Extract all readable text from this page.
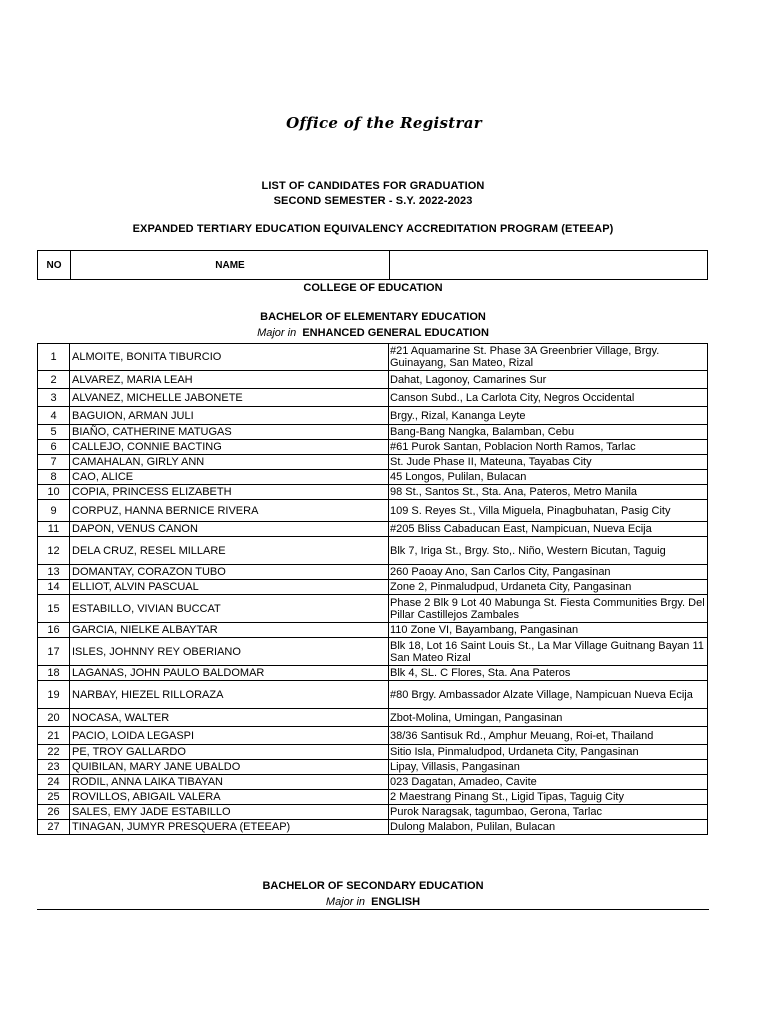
Office of the Registrar
LIST OF CANDIDATES FOR GRADUATION
SECOND SEMESTER - S.Y. 2022-2023
EXPANDED TERTIARY EDUCATION EQUIVALENCY ACCREDITATION PROGRAM (ETEEAP)
NO	NAME
COLLEGE OF EDUCATION
BACHELOR OF ELEMENTARY EDUCATION
Major in ENHANCED GENERAL EDUCATION
1	ALMOITE, BONITA TIBURCIO	#21 Aquamarine St. Phase 3A Greenbrier Village, Brgy. Guinayang, San Mateo, Rizal
2	ALVAREZ, MARIA LEAH	Dahat, Lagonoy, Camarines Sur
3	ALVANEZ, MICHELLE JABONETE	Canson Subd., La Carlota City, Negros Occidental
4	BAGUION, ARMAN JULI	Brgy., Rizal, Kananga Leyte
5	BIAÑO, CATHERINE MATUGAS	Bang-Bang Nangka, Balamban, Cebu
6	CALLEJO, CONNIE BACTING	#61 Purok Santan, Poblacion North Ramos, Tarlac
7	CAMAHALAN, GIRLY ANN	St. Jude Phase II, Mateuna, Tayabas City
8	CAO, ALICE	45 Longos, Pulilan, Bulacan
10	COPIA, PRINCESS ELIZABETH	98 St., Santos St., Sta. Ana, Pateros, Metro Manila
9	CORPUZ, HANNA BERNICE RIVERA	109 S. Reyes St., Villa Miguela, Pinagbuhatan, Pasig City
11	DAPON, VENUS CANON	#205 Bliss Cabaducan East, Nampicuan, Nueva Ecija
12	DELA CRUZ, RESEL MILLARE	Blk 7, Iriga St., Brgy. Sto,. Niño, Western Bicutan, Taguig
13	DOMANTAY, CORAZON TUBO	260 Paoay Ano, San Carlos City, Pangasinan
14	ELLIOT, ALVIN PASCUAL	Zone 2, Pinmaludpud, Urdaneta City, Pangasinan
15	ESTABILLO, VIVIAN BUCCAT	Phase 2 Blk 9 Lot 40 Mabunga St. Fiesta Communities Brgy. Del Pillar Castillejos Zambales
16	GARCIA, NIELKE ALBAYTAR	110 Zone VI, Bayambang, Pangasinan
17	ISLES, JOHNNY REY OBERIANO	Blk 18, Lot 16 Saint Louis St., La Mar Village Guitnang Bayan 11 San Mateo Rizal
18	LAGANAS, JOHN PAULO BALDOMAR	Blk 4, SL. C Flores, Sta. Ana Pateros
19	NARBAY, HIEZEL RILLORAZA	#80 Brgy. Ambassador Alzate Village, Nampicuan Nueva Ecija
20	NOCASA, WALTER	Zbot-Molina, Umingan, Pangasinan
21	PACIO, LOIDA LEGASPI	38/36 Santisuk Rd., Amphur Meuang, Roi-et, Thailand
22	PE, TROY GALLARDO	Sitio Isla, Pinmaludpod, Urdaneta City, Pangasinan
23	QUIBILAN, MARY JANE UBALDO	Lipay, Villasis, Pangasinan
24	RODIL, ANNA LAIKA TIBAYAN	023 Dagatan, Amadeo, Cavite
25	ROVILLOS, ABIGAIL VALERA	2 Maestrang Pinang St., Ligid Tipas, Taguig City
26	SALES, EMY JADE ESTABILLO	Purok Naragsak, tagumbao, Gerona, Tarlac
27	TINAGAN, JUMYR PRESQUERA (ETEEAP)	Dulong Malabon, Pulilan, Bulacan
BACHELOR OF SECONDARY EDUCATION
Major in ENGLISH
